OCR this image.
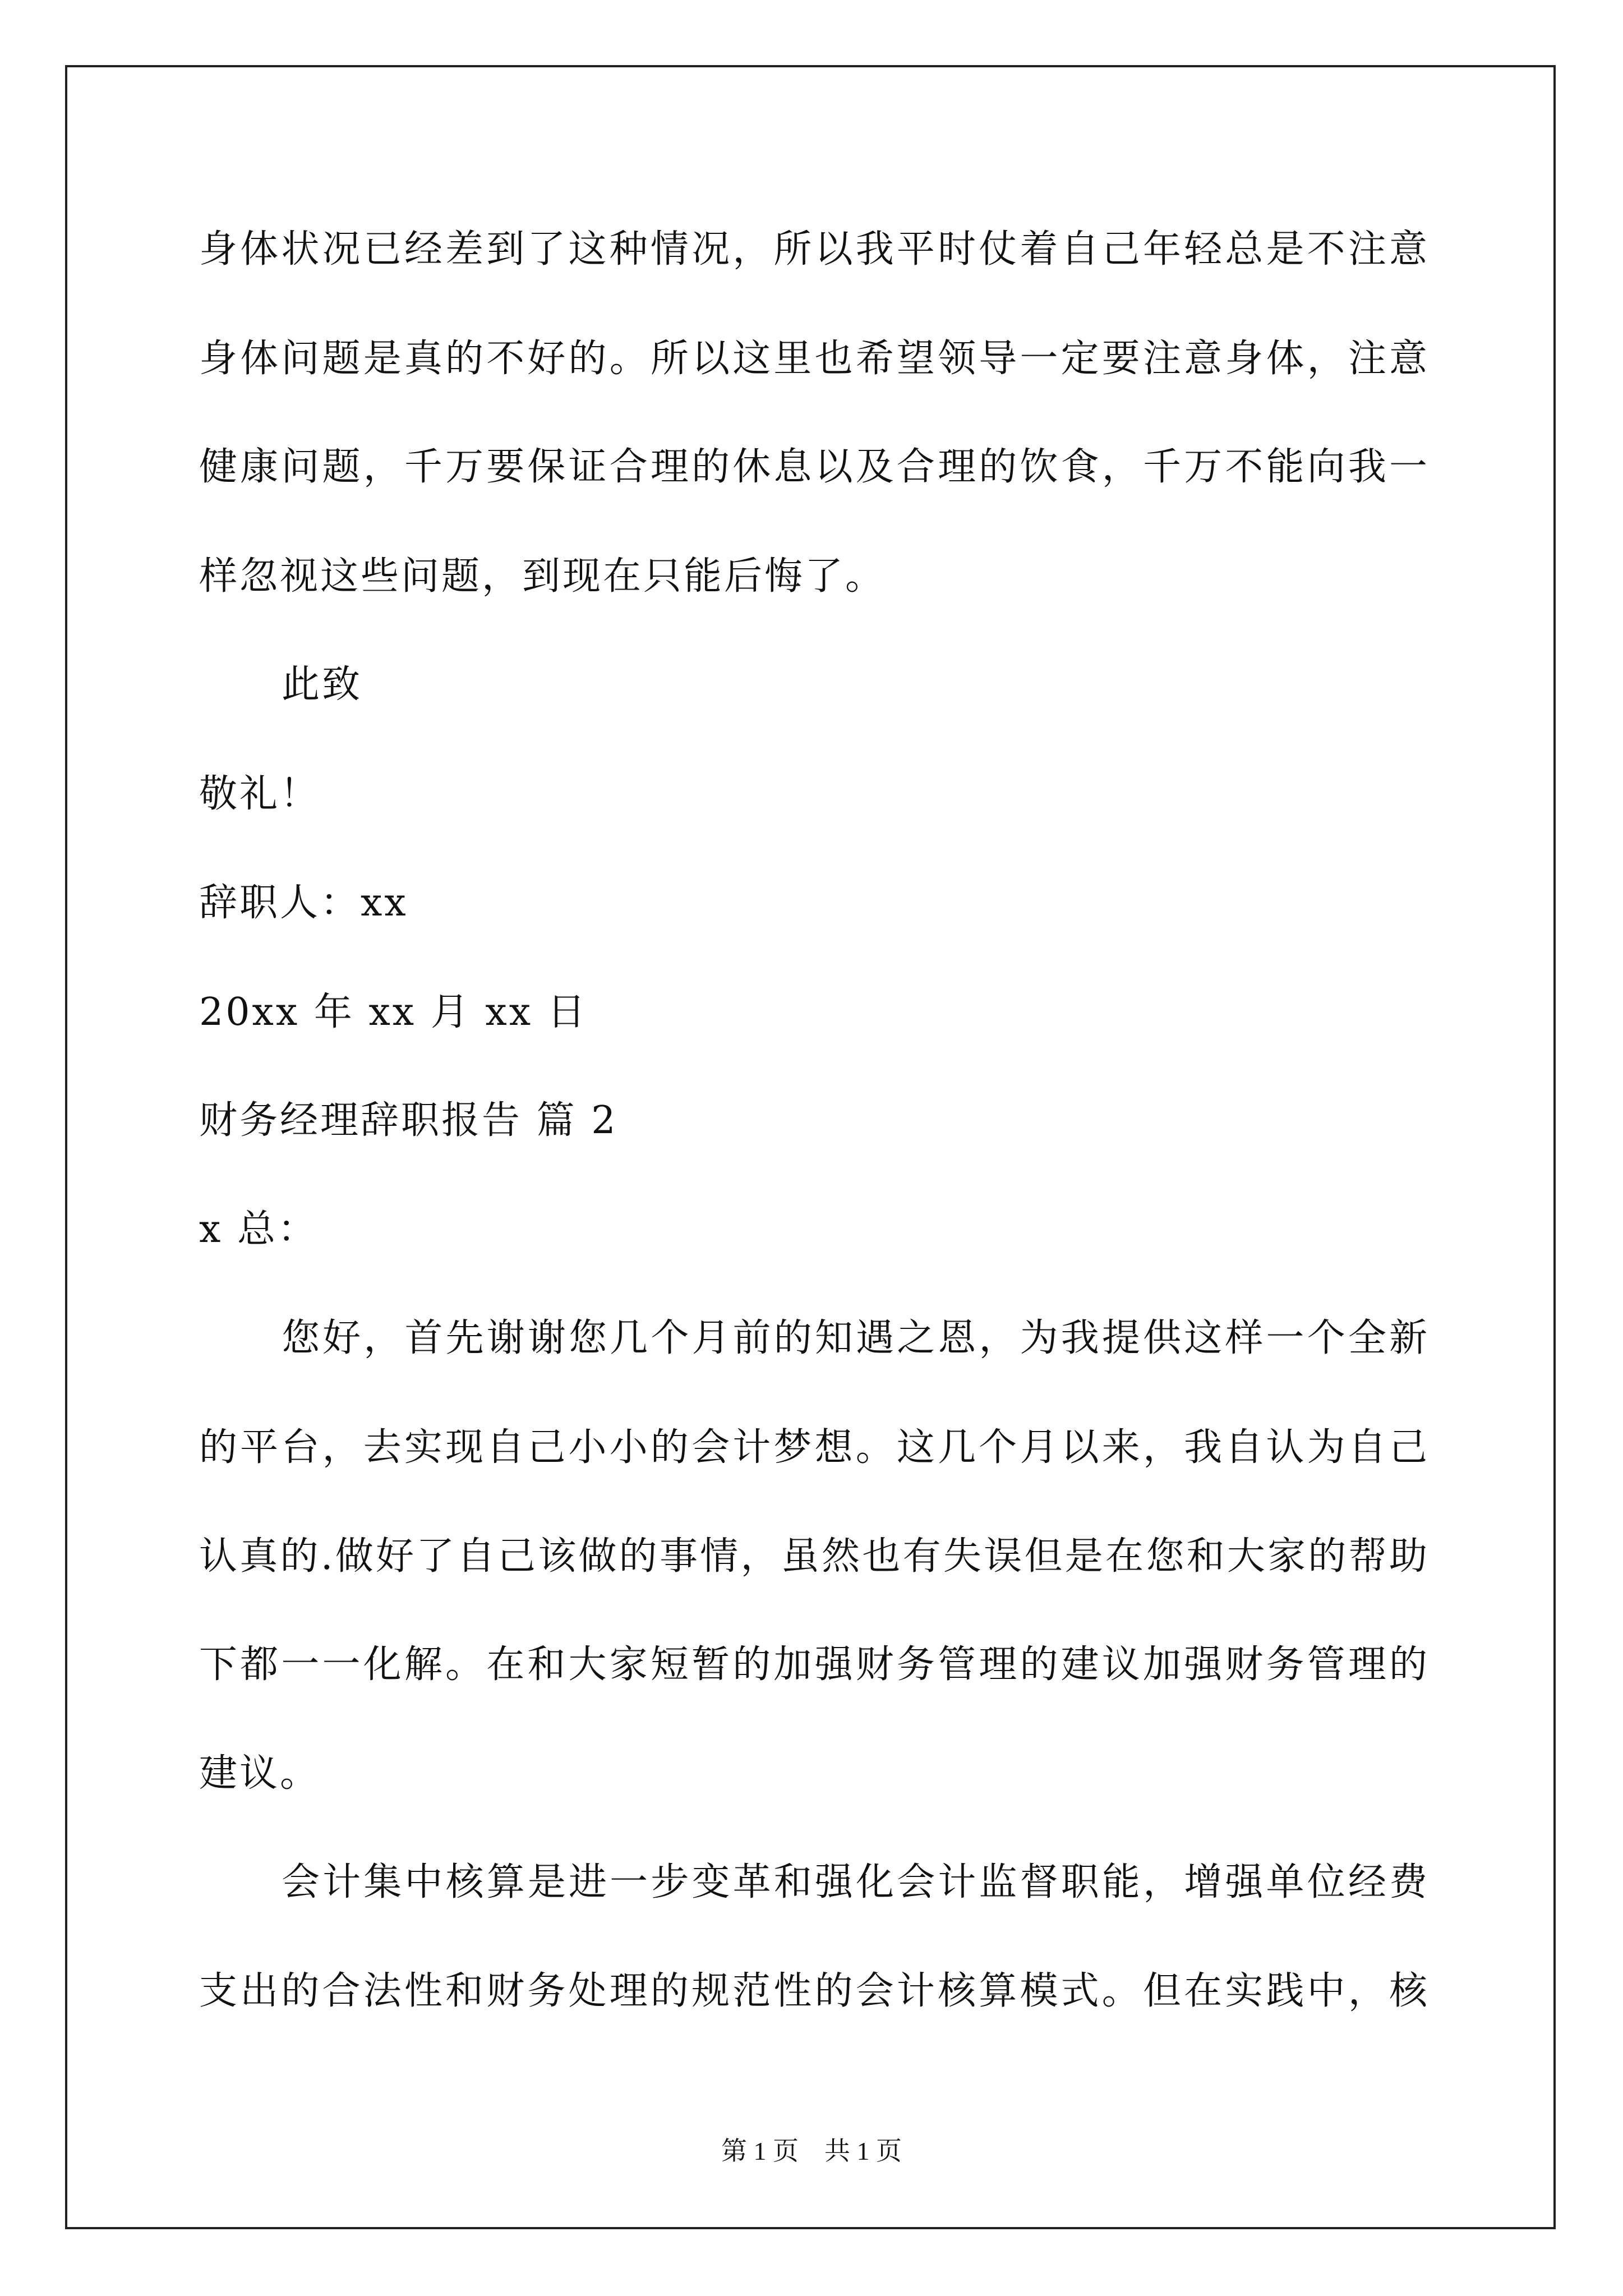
身体状况已经差到了这种情况，所以我平时仗着自己年轻总是不注意
身体问题是真的不好的。所以这里也希望领导一定要注意身体，注意
健康问题，千万要保证合理的休息以及合理的饮食，千万不能向我一
样忽视这些问题，到现在只能后悔了。
此致
敬礼！
辞职人：xx
20xx 年 xx 月 xx 日
财务经理辞职报告 篇 2
x 总：
您好，首先谢谢您几个月前的知遇之恩，为我提供这样一个全新
的平台，去实现自己小小的会计梦想。这几个月以来，我自认为自己
认真的.做好了自己该做的事情，虽然也有失误但是在您和大家的帮助
下都一一化解。在和大家短暂的加强财务管理的建议加强财务管理的
建议。
会计集中核算是进一步变革和强化会计监督职能，增强单位经费
支出的合法性和财务处理的规范性的会计核算模式。但在实践中，核
第 1 页 共 1 页
